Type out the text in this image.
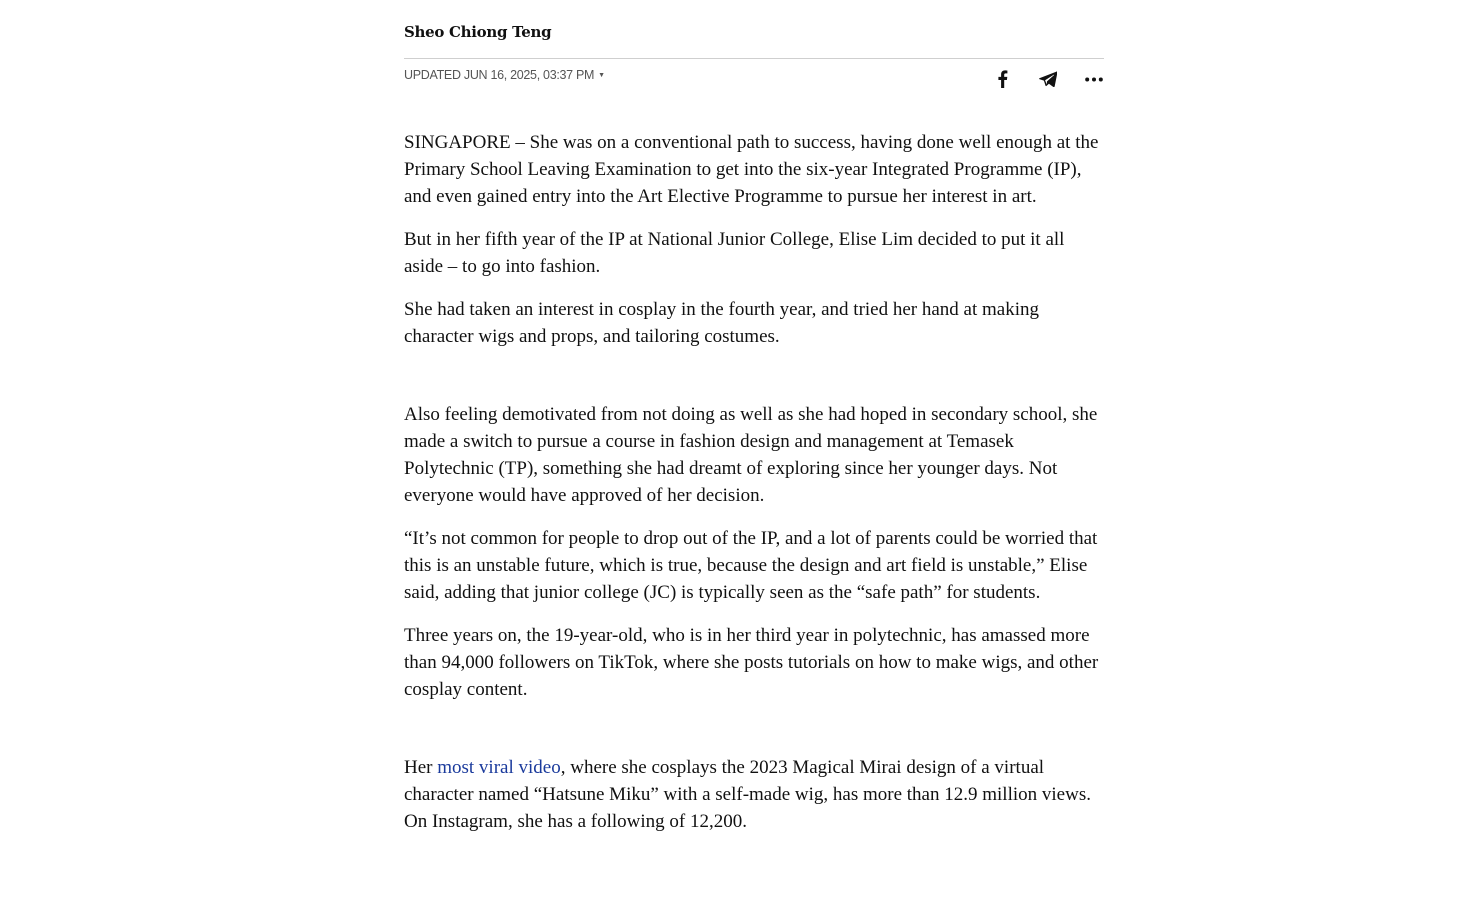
Sheo Chiong Teng
UPDATED JUN 16, 2025, 03:37 PM ▼

SINGAPORE – She was on a conventional path to success, having done well enough at the Primary School Leaving Examination to get into the six-year Integrated Programme (IP), and even gained entry into the Art Elective Programme to pursue her interest in art.

But in her fifth year of the IP at National Junior College, Elise Lim decided to put it all aside – to go into fashion.

She had taken an interest in cosplay in the fourth year, and tried her hand at making character wigs and props, and tailoring costumes.

Also feeling demotivated from not doing as well as she had hoped in secondary school, she made a switch to pursue a course in fashion design and management at Temasek Polytechnic (TP), something she had dreamt of exploring since her younger days. Not everyone would have approved of her decision.

“It’s not common for people to drop out of the IP, and a lot of parents could be worried that this is an unstable future, which is true, because the design and art field is unstable,” Elise said, adding that junior college (JC) is typically seen as the “safe path” for students.

Three years on, the 19-year-old, who is in her third year in polytechnic, has amassed more than 94,000 followers on TikTok, where she posts tutorials on how to make wigs, and other cosplay content.

Her most viral video, where she cosplays the 2023 Magical Mirai design of a virtual character named “Hatsune Miku” with a self-made wig, has more than 12.9 million views. On Instagram, she has a following of 12,200.
